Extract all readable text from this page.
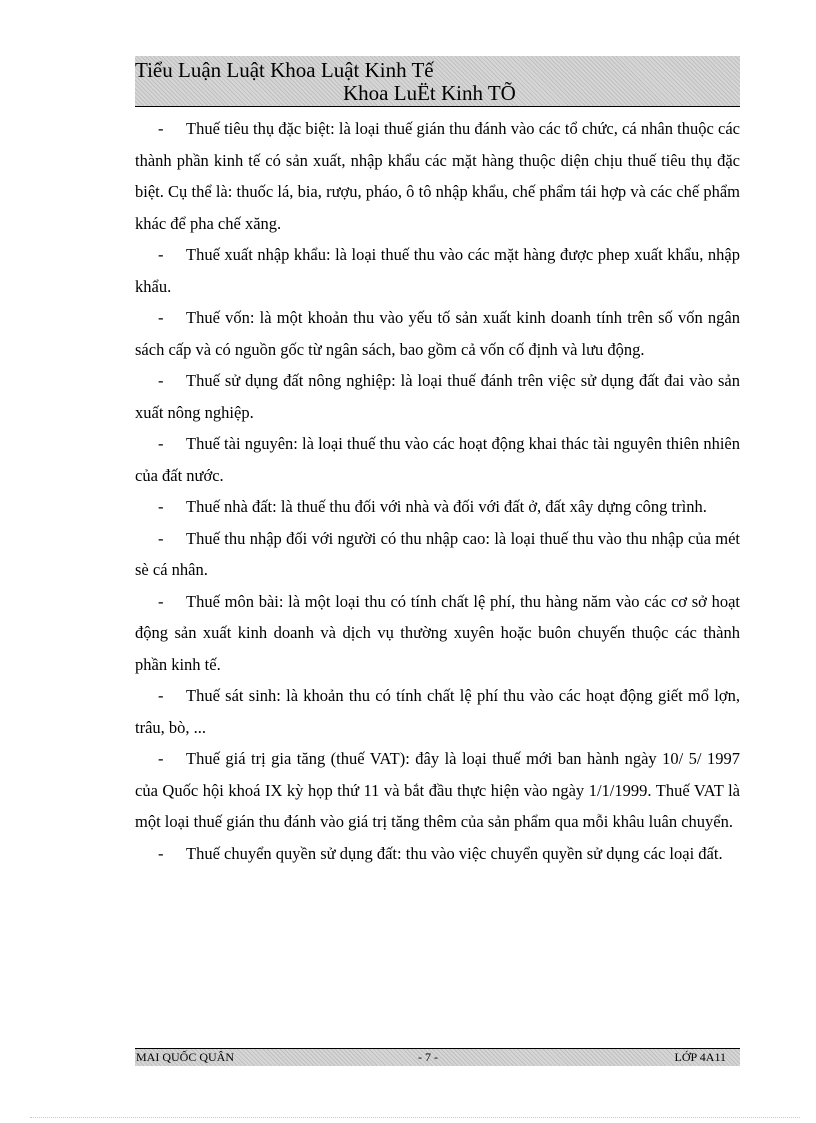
Tiểu Luận Luật Khoa Luật Kinh Tế
Khoa LuËt Kinh TÕ

- Thuế tiêu thụ đặc biệt: là loại thuế gián thu đánh vào các tổ chức, cá nhân thuộc các thành phần kinh tế có sản xuất, nhập khẩu các mặt hàng thuộc diện chịu thuế tiêu thụ đặc biệt. Cụ thể là: thuốc lá, bia, rượu, pháo, ô tô nhập khẩu, chế phẩm tái hợp và các chế phẩm khác để pha chế xăng.

- Thuế xuất nhập khẩu: là loại thuế thu vào các mặt hàng được phep xuất khẩu, nhập khẩu.

- Thuế vốn: là một khoản thu vào yếu tố sản xuất kinh doanh tính trên số vốn ngân sách cấp và có nguồn gốc từ ngân sách, bao gồm cả vốn cố định và lưu động.

- Thuế sử dụng đất nông nghiệp: là loại thuế đánh trên việc sử dụng đất đai vào sản xuất nông nghiệp.

- Thuế tài nguyên: là loại thuế thu vào các hoạt động khai thác tài nguyên thiên nhiên của đất nước.

- Thuế nhà đất: là thuế thu đối với nhà và đối với đất ở, đất xây dựng công trình.

- Thuế thu nhập đối với người có thu nhập cao: là loại thuế thu vào thu nhập của mét sè cá nhân.

- Thuế môn bài: là một loại thu có tính chất lệ phí, thu hàng năm vào các cơ sở hoạt động sản xuất kinh doanh và dịch vụ thường xuyên hoặc buôn chuyến thuộc các thành phần kinh tế.

- Thuế sát sinh: là khoản thu có tính chất lệ phí thu vào các hoạt động giết mổ lợn, trâu, bò, ...

- Thuế giá trị gia tăng (thuế VAT): đây là loại thuế mới ban hành ngày 10/ 5/ 1997 của Quốc hội khoá IX kỳ họp thứ 11 và bắt đầu thực hiện vào ngày 1/1/1999. Thuế VAT là một loại thuế gián thu đánh vào giá trị tăng thêm của sản phẩm qua mỗi khâu luân chuyển.

- Thuế chuyển quyền sử dụng đất: thu vào việc chuyển quyền sử dụng các loại đất.

MAI QUỐC QUÂN	- 7 -	LỚP 4A11
